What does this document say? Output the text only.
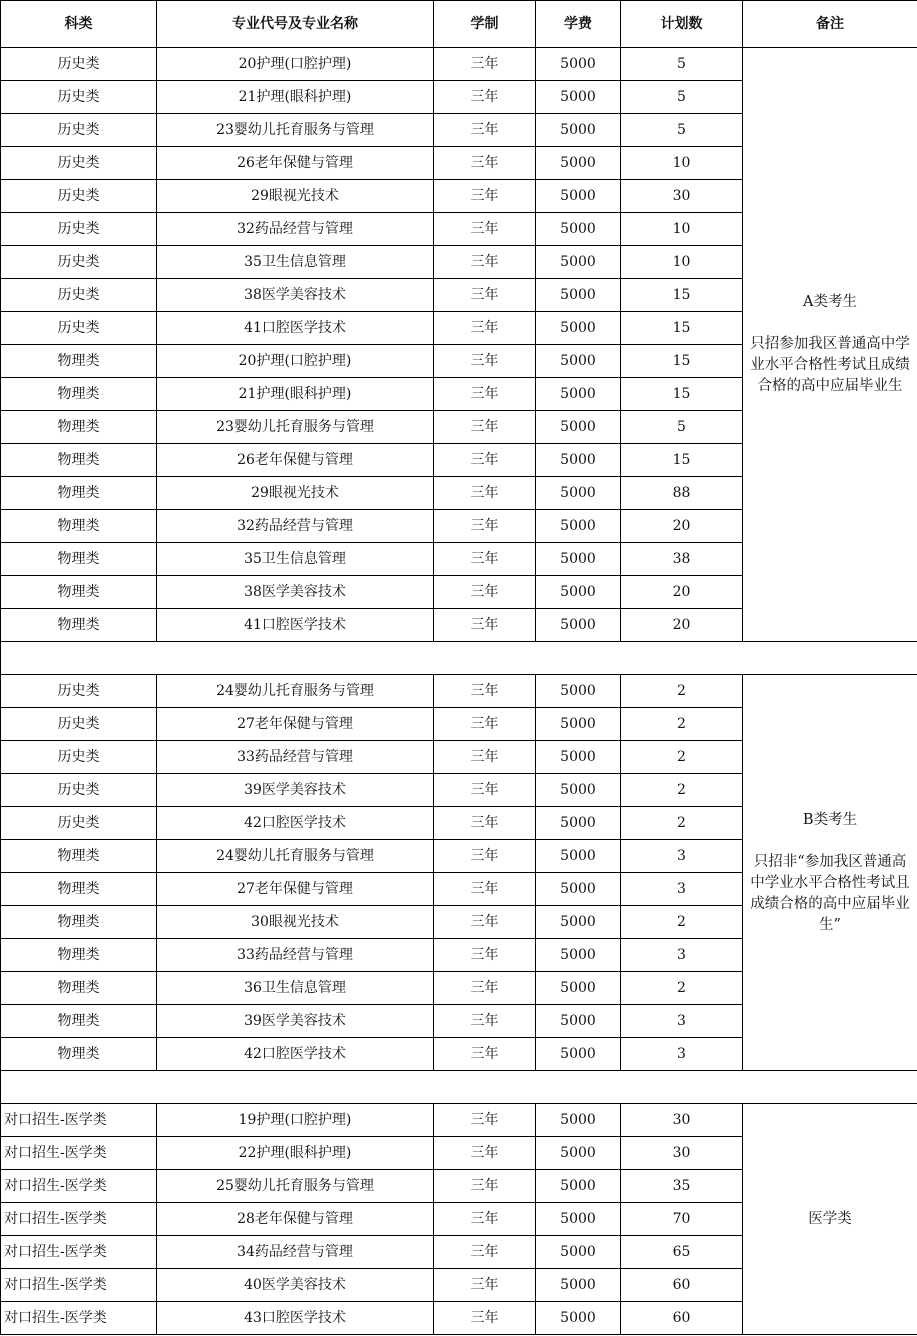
科类	专业代号及专业名称	学制	学费	计划数	备注
历史类	20护理(口腔护理)	三年	5000	5	A类考生
只招参加我区普通高中学业水平合格性考试且成绩合格的高中应届毕业生

历史类	21护理(眼科护理)	三年	5000	5	
历史类	23婴幼儿托育服务与管理	三年	5000	5	
历史类	26老年保健与管理	三年	5000	10	
历史类	29眼视光技术	三年	5000	30	
历史类	32药品经营与管理	三年	5000	10	
历史类	35卫生信息管理	三年	5000	10	
历史类	38医学美容技术	三年	5000	15	
历史类	41口腔医学技术	三年	5000	15	
物理类	20护理(口腔护理)	三年	5000	15	
物理类	21护理(眼科护理)	三年	5000	15	
物理类	23婴幼儿托育服务与管理	三年	5000	5	
物理类	26老年保健与管理	三年	5000	15	
物理类	29眼视光技术	三年	5000	88	
物理类	32药品经营与管理	三年	5000	20	
物理类	35卫生信息管理	三年	5000	38	
物理类	38医学美容技术	三年	5000	20	
物理类	41口腔医学技术	三年	5000	20	

历史类	24婴幼儿托育服务与管理	三年	5000	2	B类考生
只招非“参加我区普通高中学业水平合格性考试且成绩合格的高中应届毕业生”

历史类	27老年保健与管理	三年	5000	2	
历史类	33药品经营与管理	三年	5000	2	
历史类	39医学美容技术	三年	5000	2	
历史类	42口腔医学技术	三年	5000	2	
物理类	24婴幼儿托育服务与管理	三年	5000	3	
物理类	27老年保健与管理	三年	5000	3	
物理类	30眼视光技术	三年	5000	2	
物理类	33药品经营与管理	三年	5000	3	
物理类	36卫生信息管理	三年	5000	2	
物理类	39医学美容技术	三年	5000	3	
物理类	42口腔医学技术	三年	5000	3	

对口招生-医学类	19护理(口腔护理)	三年	5000	30	医学类

对口招生-医学类	22护理(眼科护理)	三年	5000	30	
对口招生-医学类	25婴幼儿托育服务与管理	三年	5000	35	
对口招生-医学类	28老年保健与管理	三年	5000	70	
对口招生-医学类	34药品经营与管理	三年	5000	65	
对口招生-医学类	40医学美容技术	三年	5000	60	
对口招生-医学类	43口腔医学技术	三年	5000	60	
